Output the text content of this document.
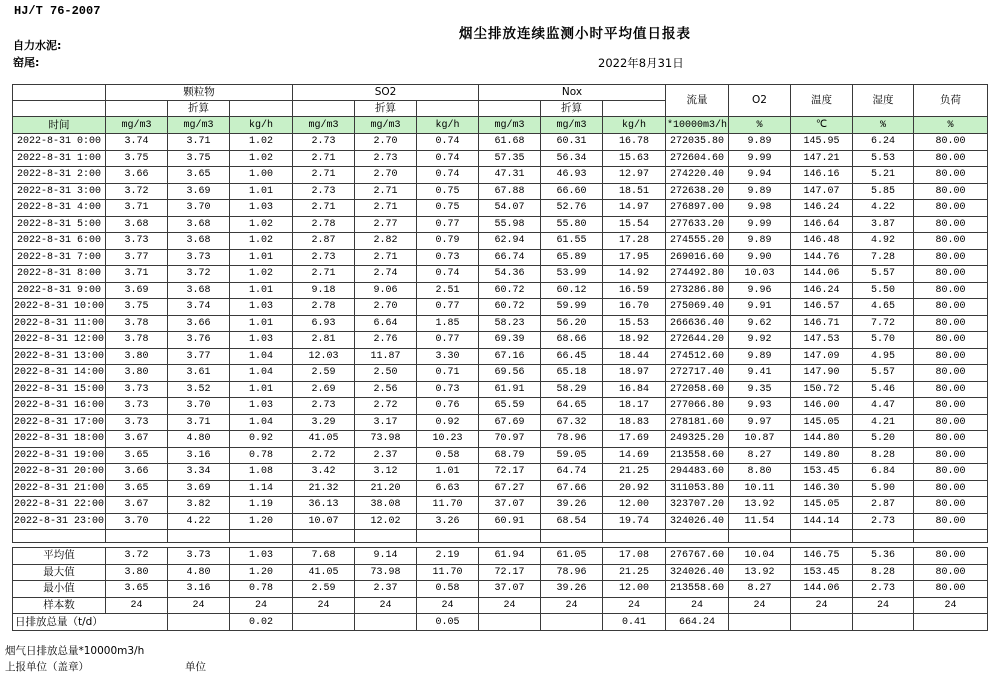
HJ/T 76-2007
烟尘排放连续监测小时平均值日报表
自力水泥:
窑尾:	2022年8月31日
	颗粒物			SO2			Nox			流量	O2	温度	湿度	负荷
		折算			折算			折算						
时间	mg/m3	mg/m3	kg/h	mg/m3	mg/m3	kg/h	mg/m3	mg/m3	kg/h	*10000m3/h	%	℃	%	%
2022-8-31 0:00	3.74	3.71	1.02	2.73	2.70	0.74	61.68	60.31	16.78	272035.80	9.89	145.95	6.24	80.00
2022-8-31 1:00	3.75	3.75	1.02	2.71	2.73	0.74	57.35	56.34	15.63	272604.60	9.99	147.21	5.53	80.00
2022-8-31 2:00	3.66	3.65	1.00	2.71	2.70	0.74	47.31	46.93	12.97	274220.40	9.94	146.16	5.21	80.00
2022-8-31 3:00	3.72	3.69	1.01	2.73	2.71	0.75	67.88	66.60	18.51	272638.20	9.89	147.07	5.85	80.00
2022-8-31 4:00	3.71	3.70	1.03	2.71	2.71	0.75	54.07	52.76	14.97	276897.00	9.98	146.24	4.22	80.00
2022-8-31 5:00	3.68	3.68	1.02	2.78	2.77	0.77	55.98	55.80	15.54	277633.20	9.99	146.64	3.87	80.00
2022-8-31 6:00	3.73	3.68	1.02	2.87	2.82	0.79	62.94	61.55	17.28	274555.20	9.89	146.48	4.92	80.00
2022-8-31 7:00	3.77	3.73	1.01	2.73	2.71	0.73	66.74	65.89	17.95	269016.60	9.90	144.76	7.28	80.00
2022-8-31 8:00	3.71	3.72	1.02	2.71	2.74	0.74	54.36	53.99	14.92	274492.80	10.03	144.06	5.57	80.00
2022-8-31 9:00	3.69	3.68	1.01	9.18	9.06	2.51	60.72	60.12	16.59	273286.80	9.96	146.24	5.50	80.00
2022-8-31 10:00	3.75	3.74	1.03	2.78	2.70	0.77	60.72	59.99	16.70	275069.40	9.91	146.57	4.65	80.00
2022-8-31 11:00	3.78	3.66	1.01	6.93	6.64	1.85	58.23	56.20	15.53	266636.40	9.62	146.71	7.72	80.00
2022-8-31 12:00	3.78	3.76	1.03	2.81	2.76	0.77	69.39	68.66	18.92	272644.20	9.92	147.53	5.70	80.00
2022-8-31 13:00	3.80	3.77	1.04	12.03	11.87	3.30	67.16	66.45	18.44	274512.60	9.89	147.09	4.95	80.00
2022-8-31 14:00	3.80	3.61	1.04	2.59	2.50	0.71	69.56	65.18	18.97	272717.40	9.41	147.90	5.57	80.00
2022-8-31 15:00	3.73	3.52	1.01	2.69	2.56	0.73	61.91	58.29	16.84	272058.60	9.35	150.72	5.46	80.00
2022-8-31 16:00	3.73	3.70	1.03	2.73	2.72	0.76	65.59	64.65	18.17	277066.80	9.93	146.00	4.47	80.00
2022-8-31 17:00	3.73	3.71	1.04	3.29	3.17	0.92	67.69	67.32	18.83	278181.60	9.97	145.05	4.21	80.00
2022-8-31 18:00	3.67	4.80	0.92	41.05	73.98	10.23	70.97	78.96	17.69	249325.20	10.87	144.80	5.20	80.00
2022-8-31 19:00	3.65	3.16	0.78	2.72	2.37	0.58	68.79	59.05	14.69	213558.60	8.27	149.80	8.28	80.00
2022-8-31 20:00	3.66	3.34	1.08	3.42	3.12	1.01	72.17	64.74	21.25	294483.60	8.80	153.45	6.84	80.00
2022-8-31 21:00	3.65	3.69	1.14	21.32	21.20	6.63	67.27	67.66	20.92	311053.80	10.11	146.30	5.90	80.00
2022-8-31 22:00	3.67	3.82	1.19	36.13	38.08	11.70	37.07	39.26	12.00	323707.20	13.92	145.05	2.87	80.00
2022-8-31 23:00	3.70	4.22	1.20	10.07	12.02	3.26	60.91	68.54	19.74	324026.40	11.54	144.14	2.73	80.00

平均值	3.72	3.73	1.03	7.68	9.14	2.19	61.94	61.05	17.08	276767.60	10.04	146.75	5.36	80.00
最大值	3.80	4.80	1.20	41.05	73.98	11.70	72.17	78.96	21.25	324026.40	13.92	153.45	8.28	80.00
最小值	3.65	3.16	0.78	2.59	2.37	0.58	37.07	39.26	12.00	213558.60	8.27	144.06	2.73	80.00
样本数	24	24	24	24	24	24	24	24	24	24	24	24	24	24
日排放总量（t/d）			0.02			0.05			0.41	664.24				
烟气日排放总量*10000m3/h
上报单位（盖章）	单位
